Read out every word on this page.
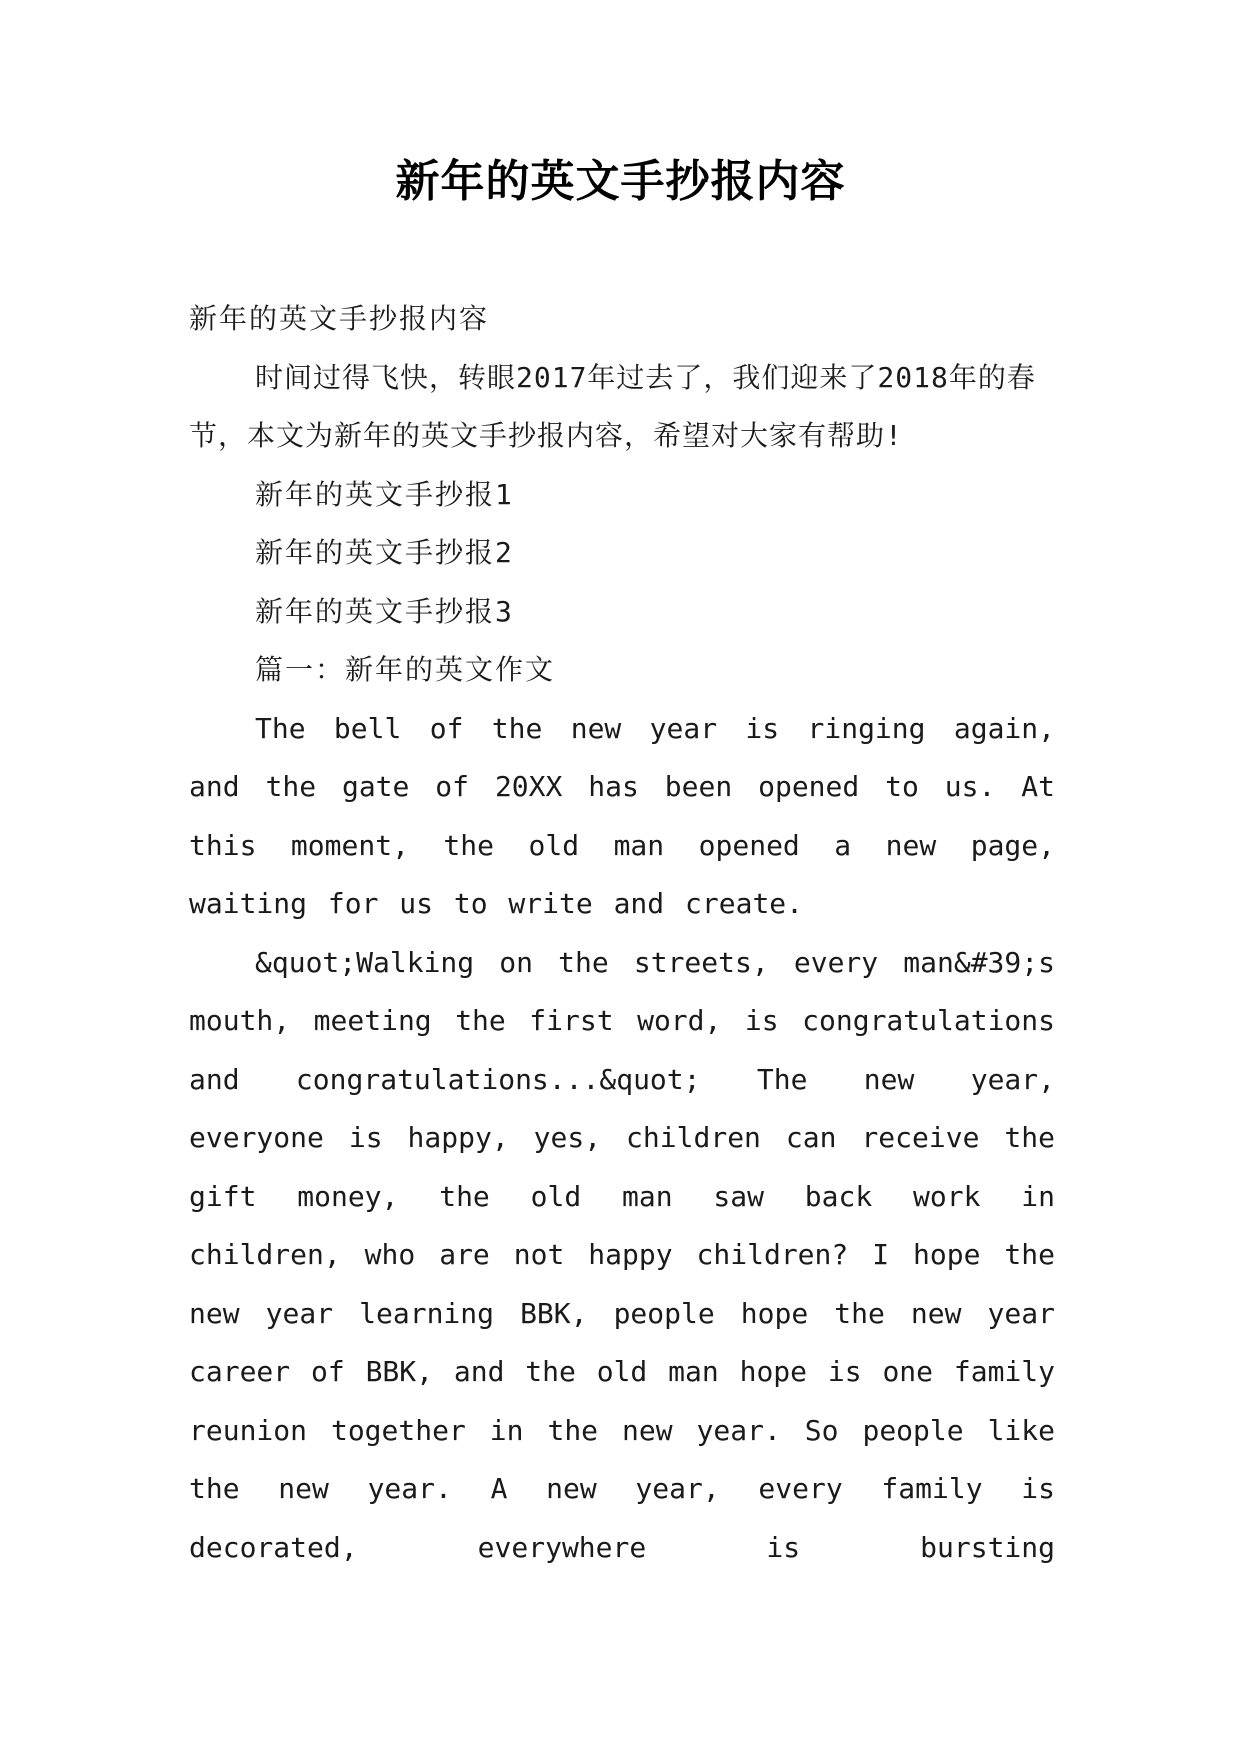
新年的英文手抄报内容

新年的英文手抄报内容

时间过得飞快，转眼2017年过去了，我们迎来了2018年的春节，本文为新年的英文手抄报内容，希望对大家有帮助!

新年的英文手抄报1

新年的英文手抄报2

新年的英文手抄报3

篇一：新年的英文作文

The bell of the new year is ringing again, and the gate of 20XX has been opened to us. At this moment, the old man opened a new page, waiting for us to write and create.

&quot;Walking on the streets, every man&#39;s mouth, meeting the first word, is congratulations and congratulations...&quot; The new year, everyone is happy, yes, children can receive the gift money, the old man saw back work in children, who are not happy children? I hope the new year learning BBK, people hope the new year career of BBK, and the old man hope is one family reunion together in the new year. So people like the new year. A new year, every family is decorated, everywhere is bursting
